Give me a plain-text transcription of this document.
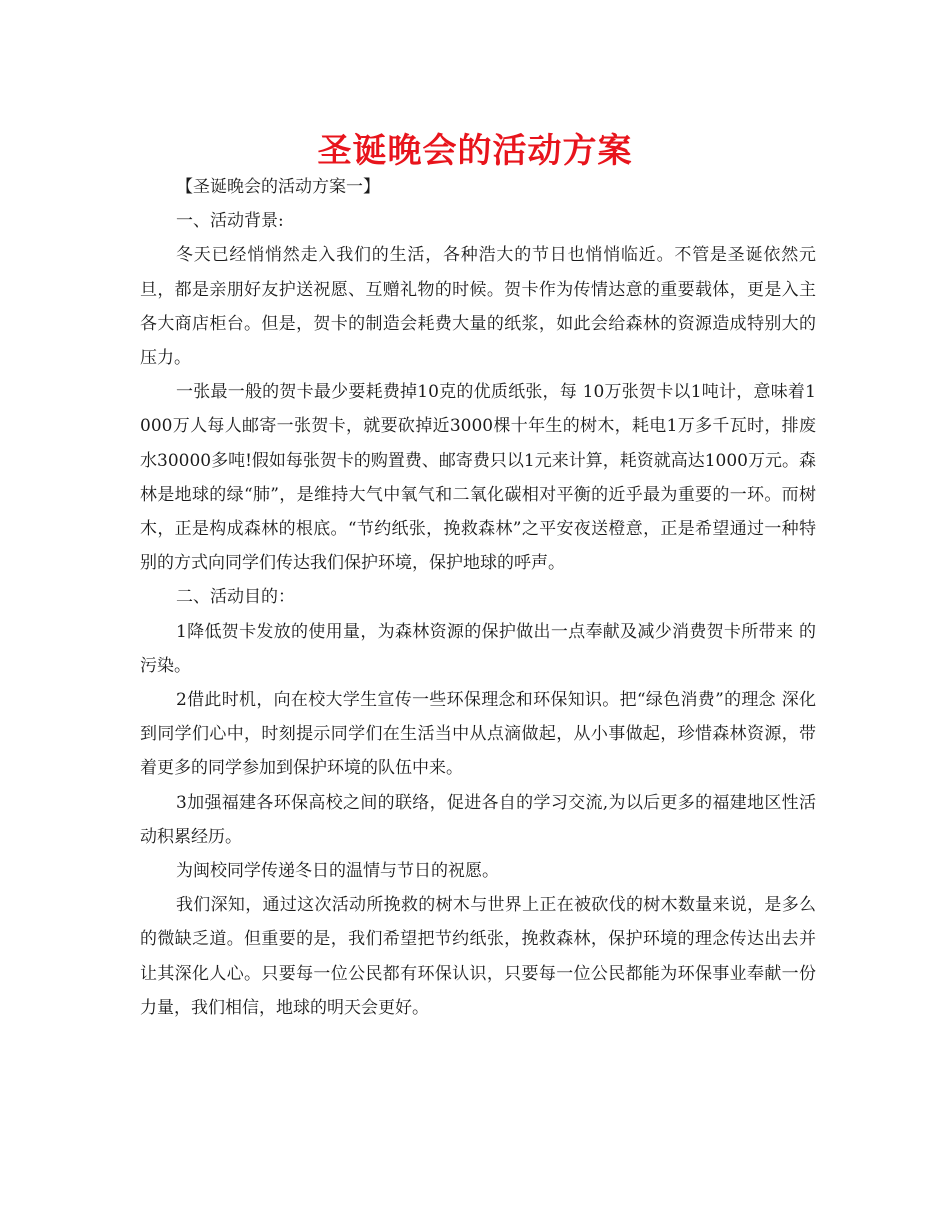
圣诞晚会的活动方案

【圣诞晚会的活动方案一】

一、活动背景:

冬天已经悄悄然走入我们的生活，各种浩大的节日也悄悄临近。不管是圣诞依然元旦，都是亲朋好友护送祝愿、互赠礼物的时候。贺卡作为传情达意的重要载体，更是入主各大商店柜台。但是，贺卡的制造会耗费大量的纸浆，如此会给森林的资源造成特别大的压力。

一张最一般的贺卡最少要耗费掉10克的优质纸张，每 10万张贺卡以1吨计，意味着1000万人每人邮寄一张贺卡，就要砍掉近3000棵十年生的树木，耗电1万多千瓦时，排废水30000多吨!假如每张贺卡的购置费、邮寄费只以1元来计算，耗资就高达1000万元。森林是地球的绿“肺”，是维持大气中氧气和二氧化碳相对平衡的近乎最为重要的一环。而树木，正是构成森林的根底。“节约纸张，挽救森林”之平安夜送橙意，正是希望通过一种特别的方式向同学们传达我们保护环境，保护地球的呼声。

二、活动目的：

1降低贺卡发放的使用量，为森林资源的保护做出一点奉献及减少消费贺卡所带来 的污染。

2借此时机，向在校大学生宣传一些环保理念和环保知识。把“绿色消费”的理念 深化到同学们心中，时刻提示同学们在生活当中从点滴做起，从小事做起，珍惜森林资源，带着更多的同学参加到保护环境的队伍中来。

3加强福建各环保高校之间的联络，促进各自的学习交流,为以后更多的福建地区性活动积累经历。

为闽校同学传递冬日的温情与节日的祝愿。

我们深知，通过这次活动所挽救的树木与世界上正在被砍伐的树木数量来说，是多么的微缺乏道。但重要的是，我们希望把节约纸张，挽救森林，保护环境的理念传达出去并让其深化人心。只要每一位公民都有环保认识，只要每一位公民都能为环保事业奉献一份力量，我们相信，地球的明天会更好。
